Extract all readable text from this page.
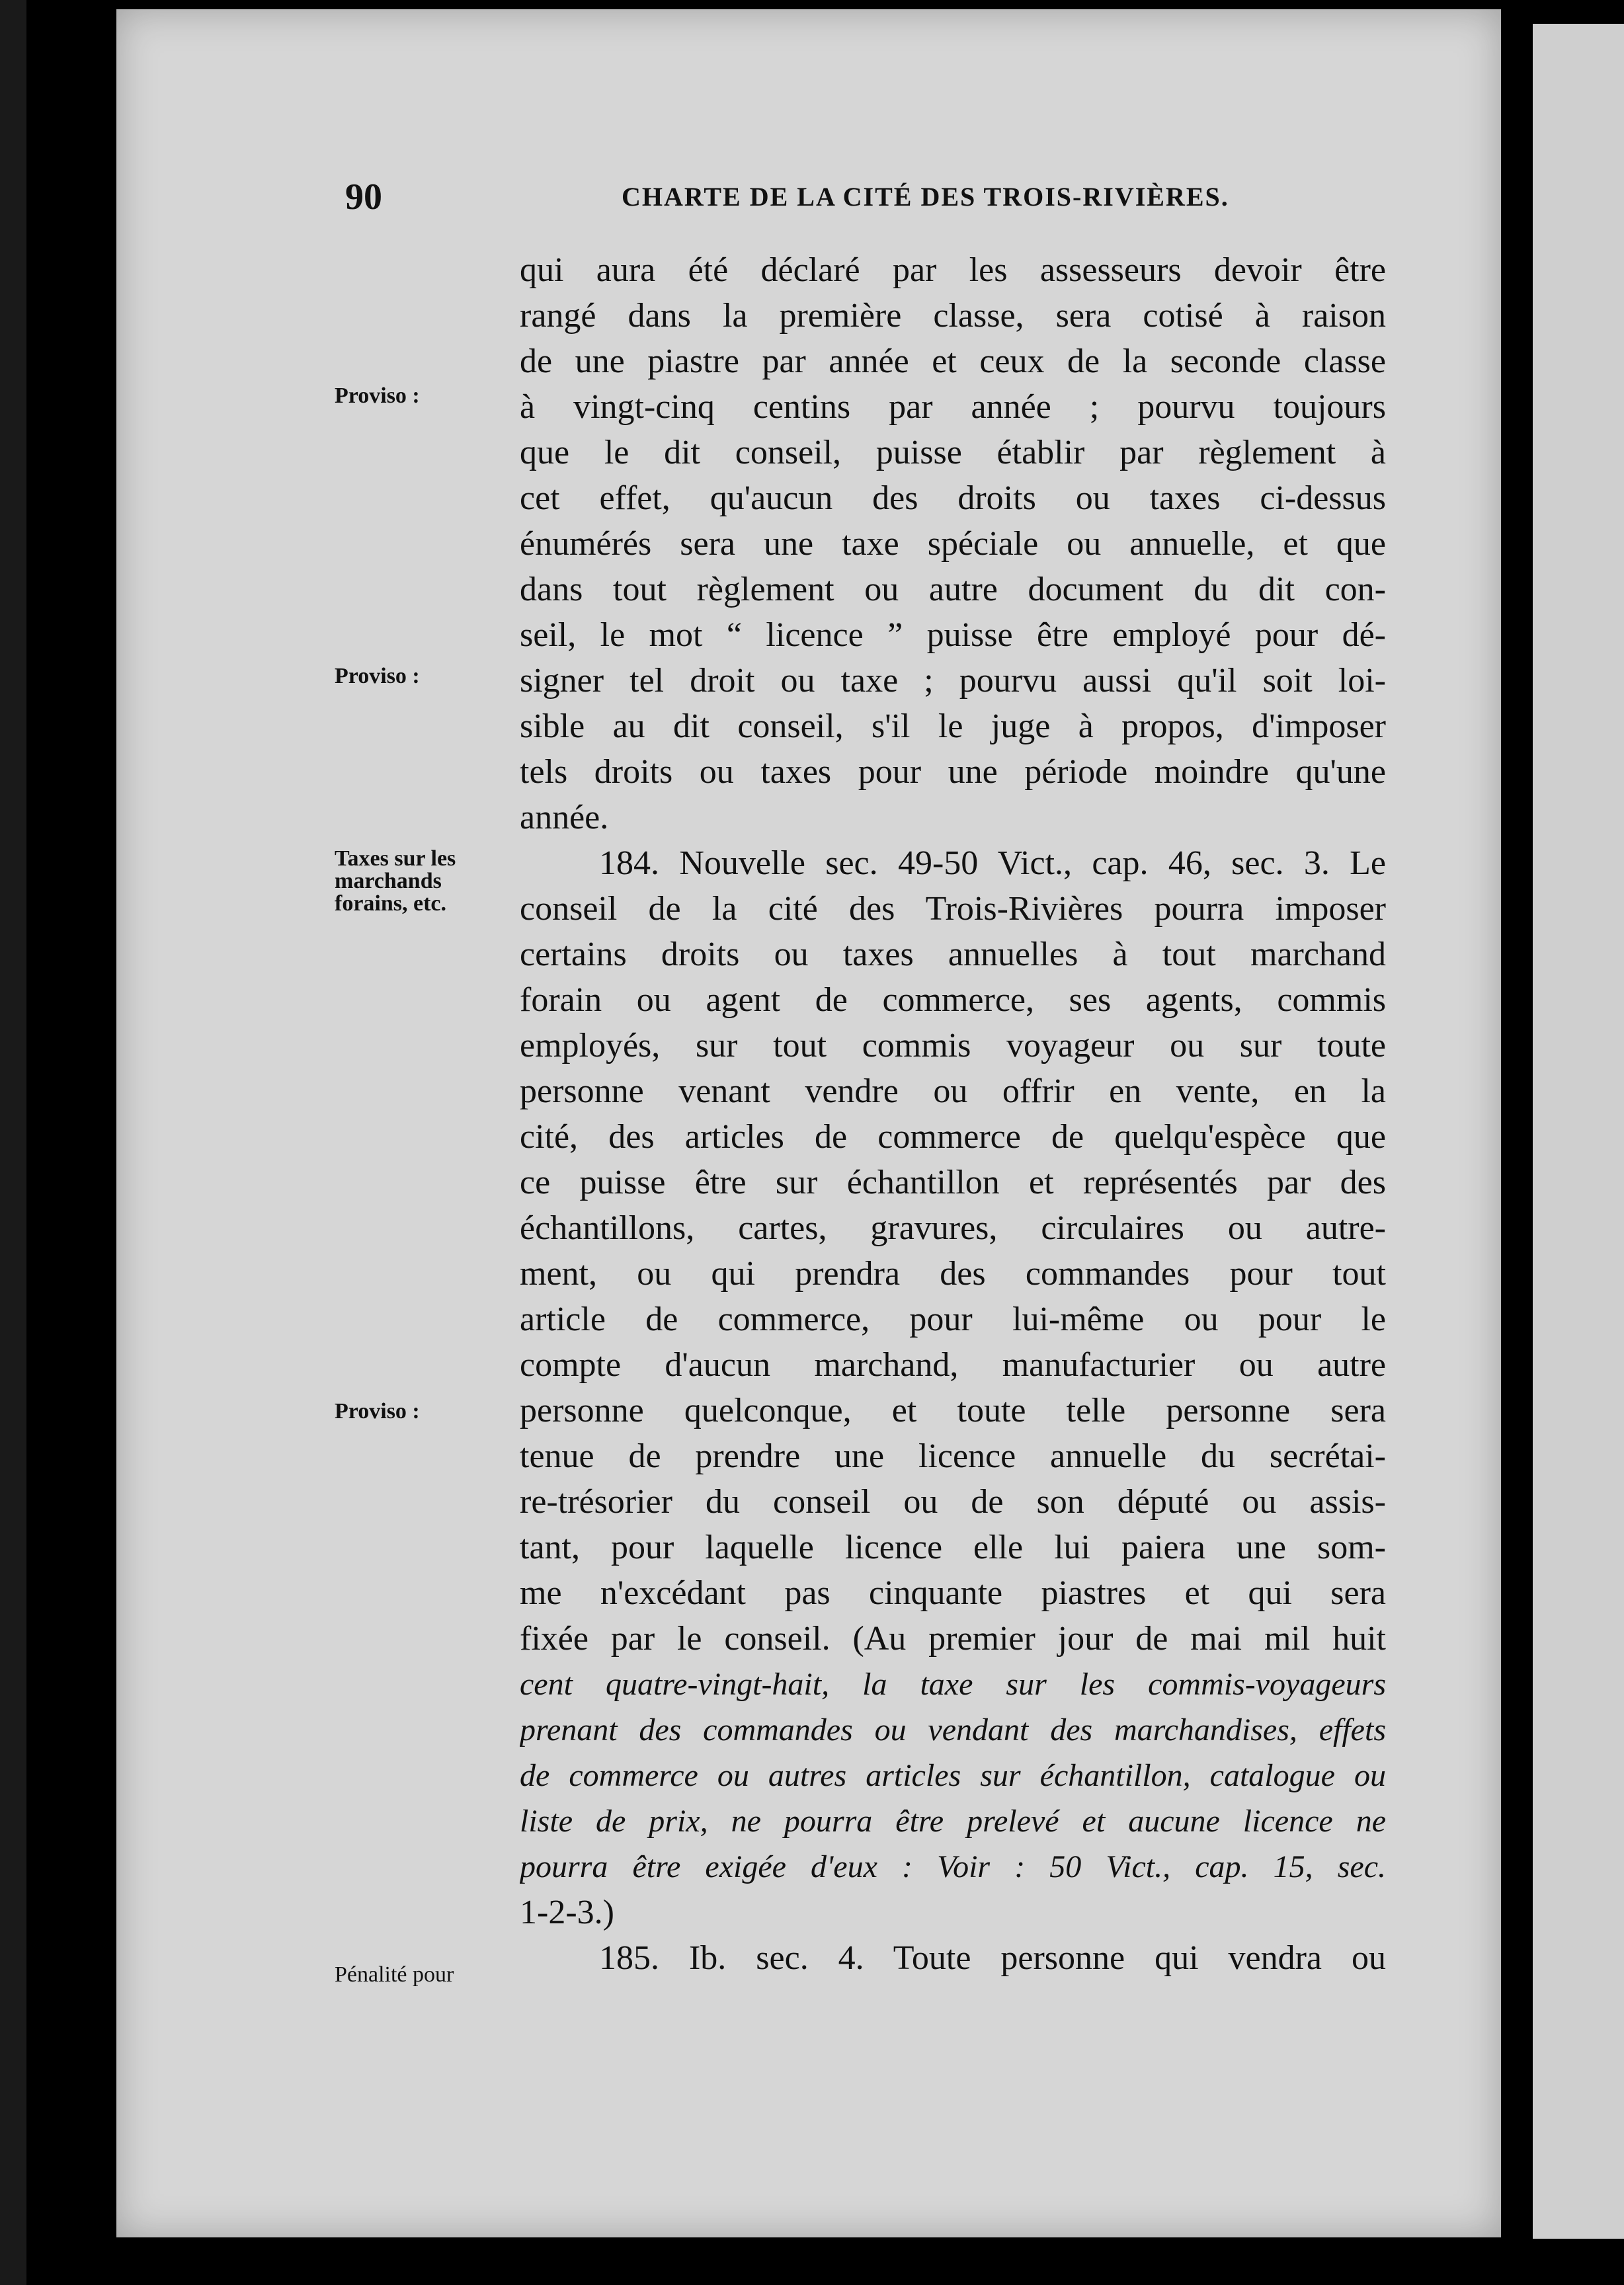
90	CHARTE DE LA CITÉ DES TROIS-RIVIÈRES.
Proviso :
Proviso :
Taxes sur les marchands forains, etc.
Proviso :
Pénalité pour
qui aura été déclaré par les assesseurs devoir être
rangé dans la première classe, sera cotisé à raison
de une piastre par année et ceux de la seconde classe
à vingt-cinq centins par année ; pourvu toujours
que le dit conseil, puisse établir par règlement à
cet effet, qu'aucun des droits ou taxes ci-dessus
énumérés sera une taxe spéciale ou annuelle, et que
dans tout règlement ou autre document du dit con-
seil, le mot “ licence ” puisse être employé pour dé-
signer tel droit ou taxe ; pourvu aussi qu'il soit loi-
sible au dit conseil, s'il le juge à propos, d'imposer
tels droits ou taxes pour une période moindre qu'une
année.
184. Nouvelle sec. 49-50 Vict., cap. 46, sec. 3. Le
conseil de la cité des Trois-Rivières pourra imposer
certains droits ou taxes annuelles à tout marchand
forain ou agent de commerce, ses agents, commis
employés, sur tout commis voyageur ou sur toute
personne venant vendre ou offrir en vente, en la
cité, des articles de commerce de quelqu'espèce que
ce puisse être sur échantillon et représentés par des
échantillons, cartes, gravures, circulaires ou autre-
ment, ou qui prendra des commandes pour tout
article de commerce, pour lui-même ou pour le
compte d'aucun marchand, manufacturier ou autre
personne quelconque, et toute telle personne sera
tenue de prendre une licence annuelle du secrétai-
re-trésorier du conseil ou de son député ou assis-
tant, pour laquelle licence elle lui paiera une som-
me n'excédant pas cinquante piastres et qui sera
fixée par le conseil. (Au premier jour de mai mil huit
cent quatre-vingt-hait, la taxe sur les commis-voyageurs
prenant des commandes ou vendant des marchandises, effets
de commerce ou autres articles sur échantillon, catalogue ou
liste de prix, ne pourra être prelevé et aucune licence ne
pourra être exigée d'eux : Voir : 50 Vict., cap. 15, sec.
1-2-3.)
185. Ib. sec. 4. Toute personne qui vendra ou
